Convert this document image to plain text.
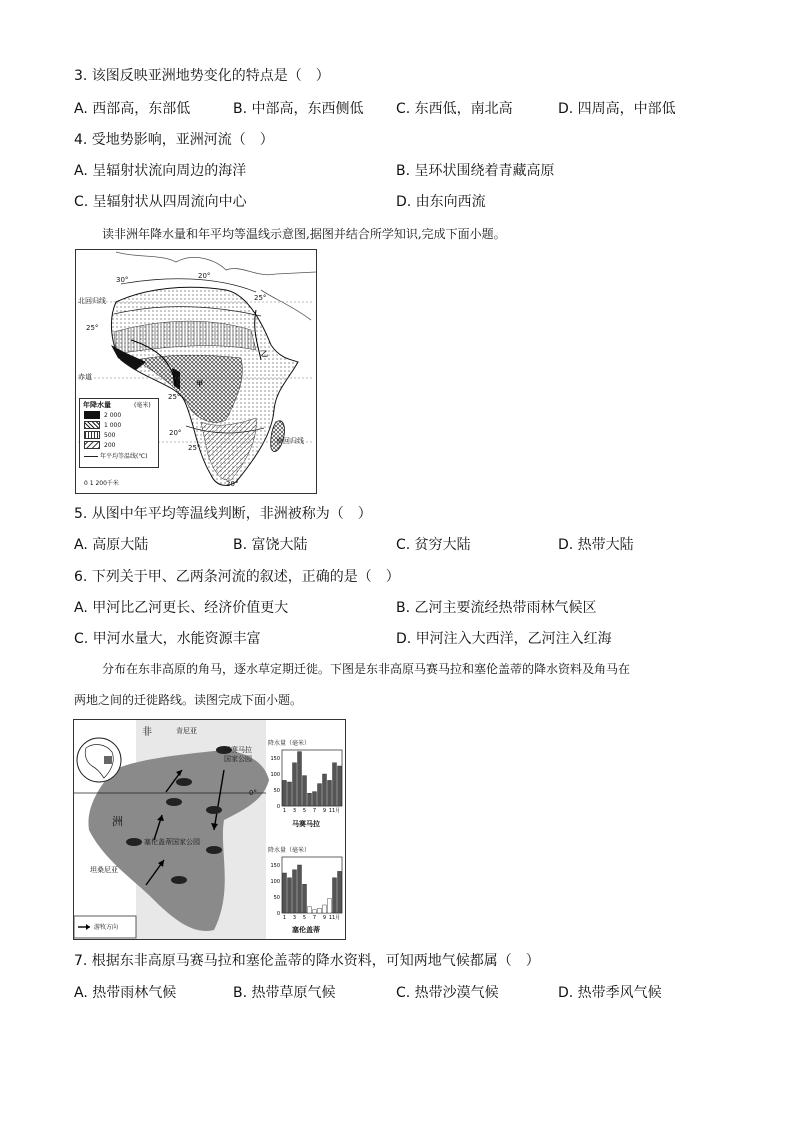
3. 该图反映亚洲地势变化的特点是（　）
A. 西部高，东部低	B. 中部高，东西侧低 C. 东西低，南北高	D. 四周高，中部低
4. 受地势影响，亚洲河流（　）
A. 呈辐射状流向周边的海洋	B. 呈环状围绕着青藏高原
C. 呈辐射状从四周流向中心	D. 由东向西流
读非洲年降水量和年平均等温线示意图,据图并结合所学知识,完成下面小题。
30°	20°
25°
北回归线
25°
赤道
甲
乙
25°
20°
25°
20°
南回归线
年降水量	(毫米)
2 000
1 000
500
200
年平均等温线(℃)
0 1 200千米
5. 从图中年平均等温线判断，非洲被称为（　）
A. 高原大陆	B. 富饶大陆	C. 贫穷大陆	D. 热带大陆
6. 下列关于甲、乙两条河流的叙述，正确的是（　）
A. 甲河比乙河更长、经济价值更大	B. 乙河主要流经热带雨林气候区
C. 甲河水量大，水能资源丰富	D. 甲河注入大西洋，乙河注入红海
分布在东非高原的角马，逐水草定期迁徙。下图是东非高原马赛马拉和塞伦盖蒂的降水资料及角马在
两地之间的迁徙路线。读图完成下面小题。
150
100
50
0
1 3 5 7 9 11月
150
100
50
0
1 3 5 7 9 11月
非	肯尼亚
马赛马拉
国家公园
0°
洲
塞伦盖蒂国家公园
坦桑尼亚
游牧方向
降水量（毫米）
马赛马拉
降水量（毫米）
塞伦盖蒂
7. 根据东非高原马赛马拉和塞伦盖蒂的降水资料，可知两地气候都属（　）
A. 热带雨林气候	B. 热带草原气候	C. 热带沙漠气候	D. 热带季风气候
